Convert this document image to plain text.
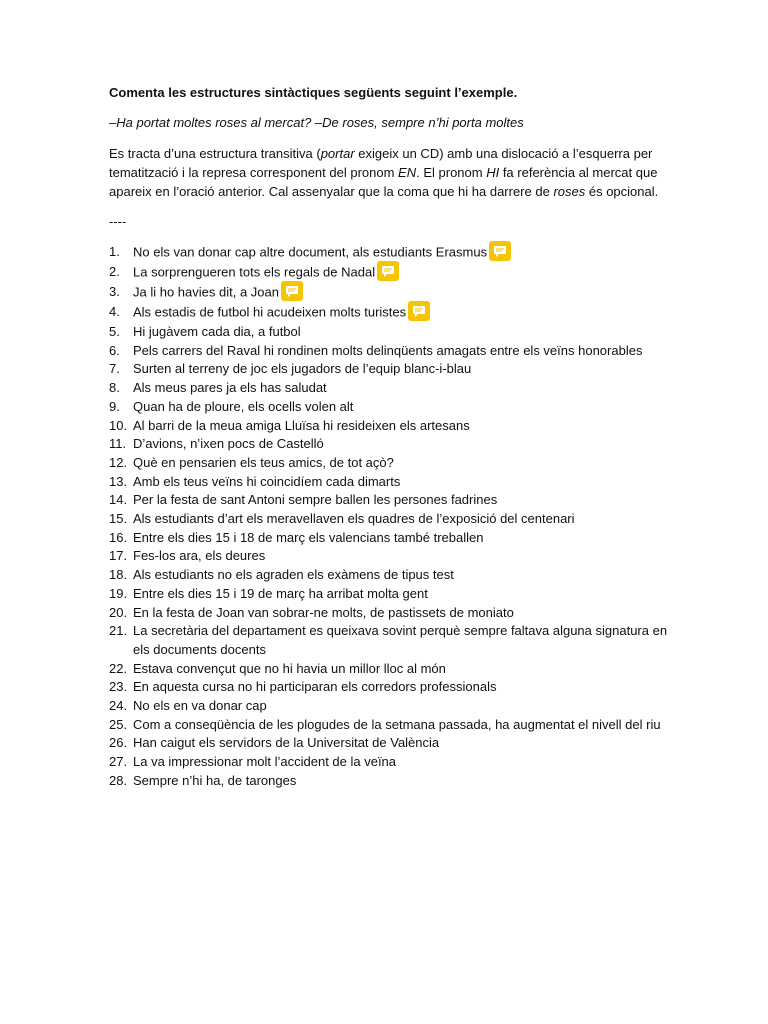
Comenta les estructures sintàctiques següents seguint l’exemple.

–Ha portat moltes roses al mercat? –De roses, sempre n’hi porta moltes

Es tracta d’una estructura transitiva (portar exigeix un CD) amb una dislocació a l’esquerra per tematització i la represa corresponent del pronom EN. El pronom HI fa referència al mercat que apareix en l’oració anterior. Cal assenyalar que la coma que hi ha darrere de roses és opcional.

----

1.	No els van donar cap altre document, als estudiants Erasmus
2.	La sorprengueren tots els regals de Nadal
3.	Ja li ho havies dit, a Joan
4.	Als estadis de futbol hi acudeixen molts turistes
5.	Hi jugàvem cada dia, a futbol
6.	Pels carrers del Raval hi rondinen molts delinqüents amagats entre els veïns honorables
7.	Surten al terreny de joc els jugadors de l’equip blanc-i-blau
8.	Als meus pares ja els has saludat
9.	Quan ha de ploure, els ocells volen alt
10. Al barri de la meua amiga Lluïsa hi resideixen els artesans
11. D’avions, n’ixen pocs de Castelló
12. Què en pensarien els teus amics, de tot açò?
13. Amb els teus veïns hi coincidíem cada dimarts
14. Per la festa de sant Antoni sempre ballen les persones fadrines
15. Als estudiants d’art els meravellaven els quadres de l’exposició del centenari
16. Entre els dies 15 i 18 de març els valencians també treballen
17. Fes-los ara, els deures
18. Als estudiants no els agraden els exàmens de tipus test
19. Entre els dies 15 i 19 de març ha arribat molta gent
20. En la festa de Joan van sobrar-ne molts, de pastissets de moniato
21. La secretària del departament es queixava sovint perquè sempre faltava alguna signatura en els documents docents
22. Estava convençut que no hi havia un millor lloc al món
23. En aquesta cursa no hi participaran els corredors professionals
24. No els en va donar cap
25. Com a conseqüència de les plogudes de la setmana passada, ha augmentat el nivell del riu
26. Han caigut els servidors de la Universitat de València
27. La va impressionar molt l’accident de la veïna
28. Sempre n’hi ha, de taronges
